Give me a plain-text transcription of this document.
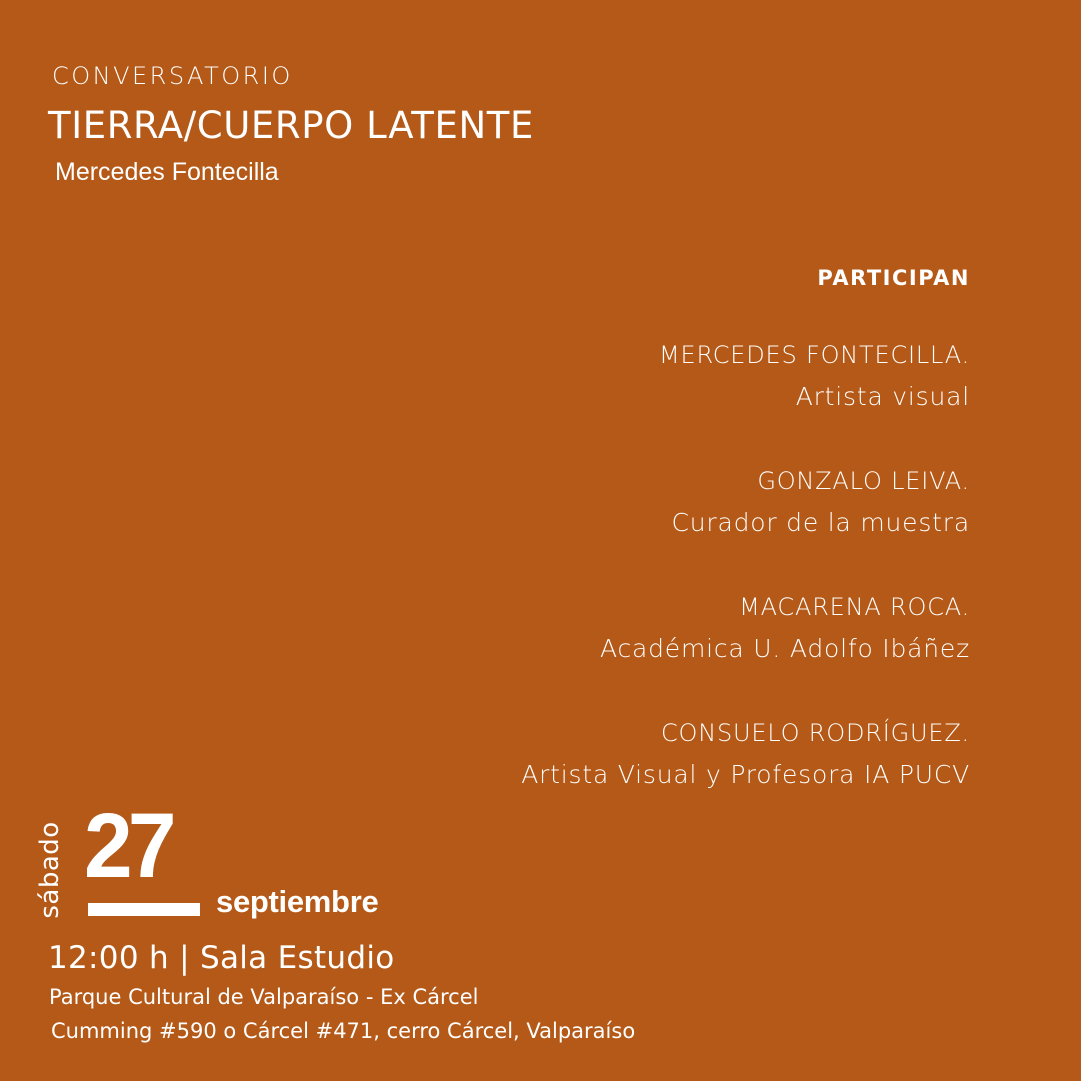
CONVERSATORIO
TIERRA/CUERPO LATENTE
Mercedes Fontecilla
PARTICIPAN
MERCEDES FONTECILLA.
Artista visual
GONZALO LEIVA.
Curador de la muestra
MACARENA ROCA.
Académica U. Adolfo Ibáñez
CONSUELO RODRÍGUEZ.
Artista Visual y Profesora IA PUCV
sábado 27
septiembre
12:00 h | Sala Estudio
Parque Cultural de Valparaíso - Ex Cárcel
Cumming #590 o Cárcel #471, cerro Cárcel, Valparaíso
